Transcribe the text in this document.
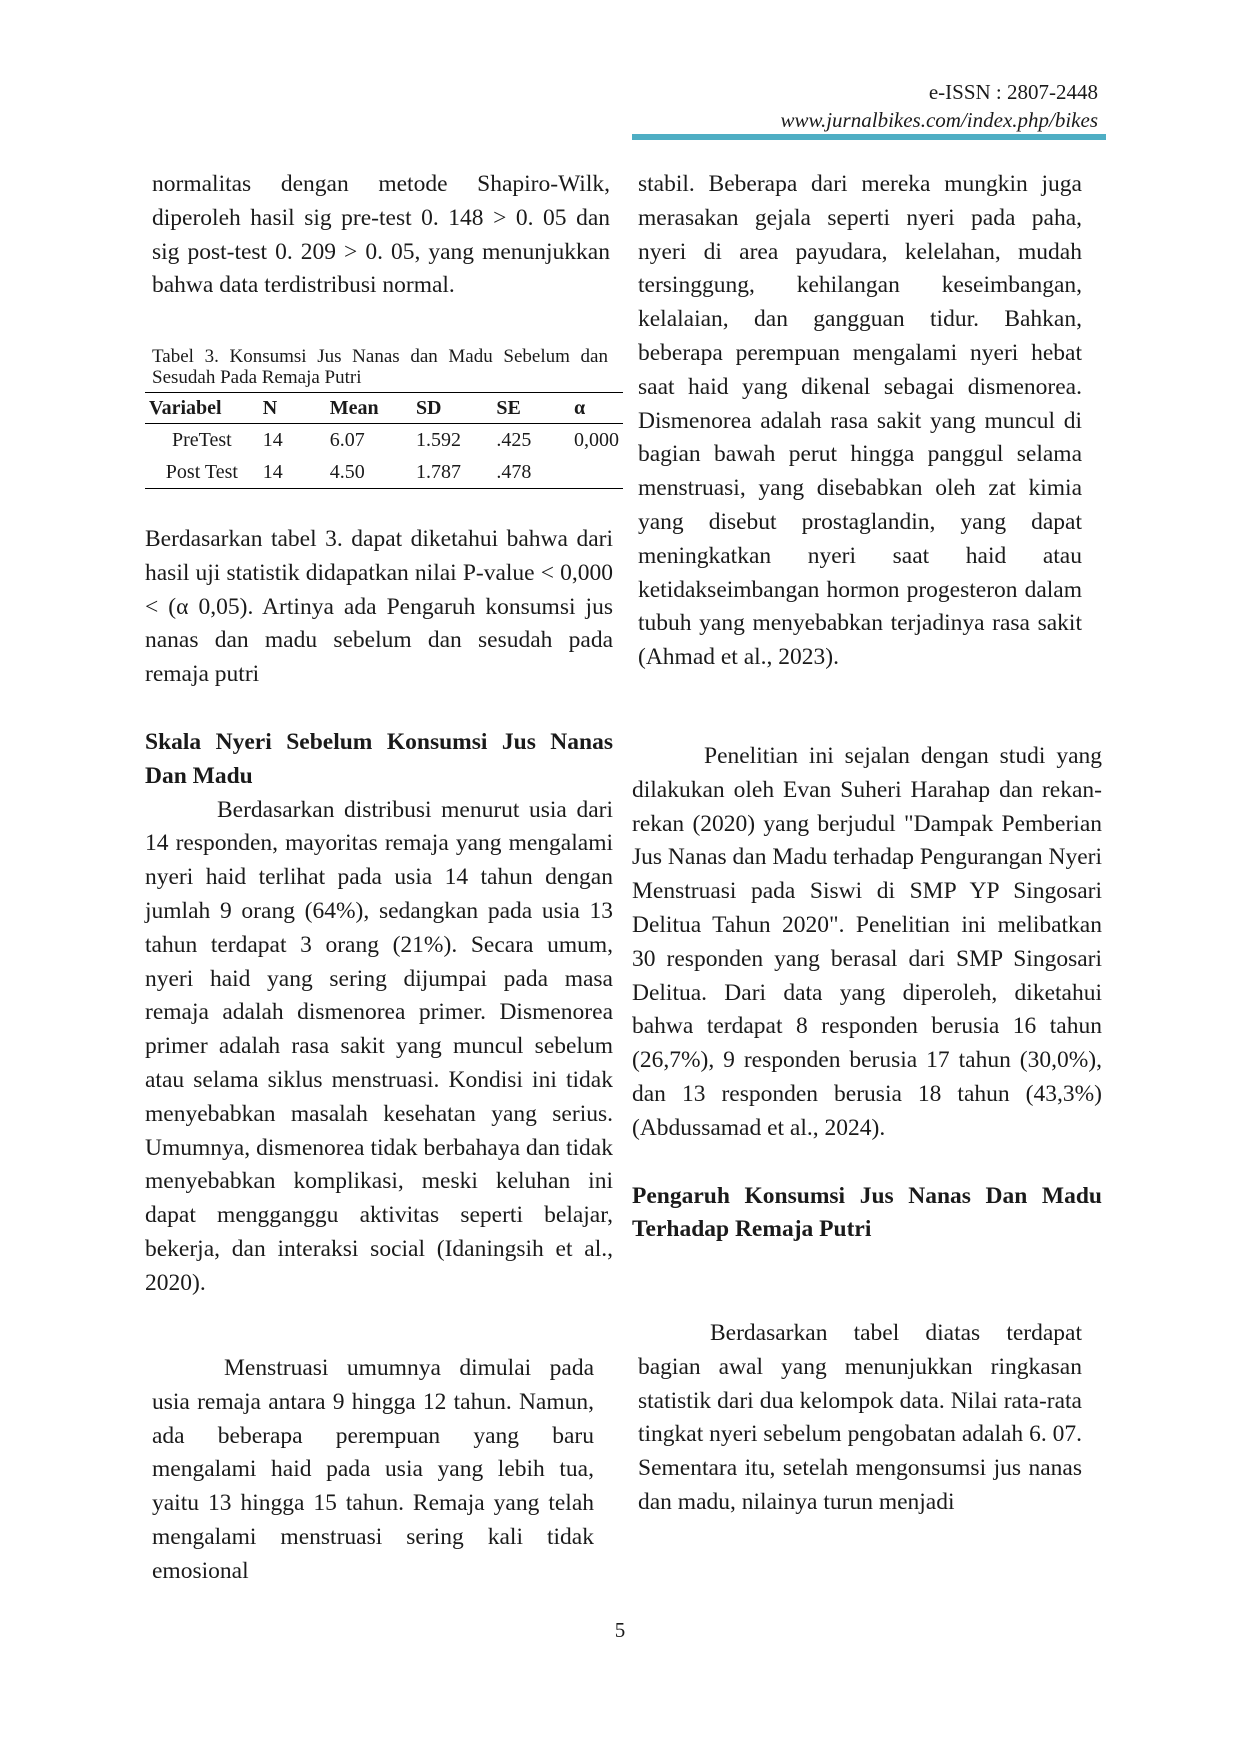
e-ISSN : 2807-2448
www.jurnalbikes.com/index.php/bikes

normalitas dengan metode Shapiro-Wilk, diperoleh hasil sig pre-test 0. 148 > 0. 05 dan sig post-test 0. 209 > 0. 05, yang menunjukkan bahwa data terdistribusi normal.

Tabel 3. Konsumsi Jus Nanas dan Madu Sebelum dan Sesudah Pada Remaja Putri
Variabel	N	Mean	SD	SE	α
PreTest	14	6.07	1.592	.425	0,000
Post Test	14	4.50	1.787	.478	

Berdasarkan tabel 3. dapat diketahui bahwa dari hasil uji statistik didapatkan nilai P-value < 0,000 < (α 0,05). Artinya ada Pengaruh konsumsi jus nanas dan madu sebelum dan sesudah pada remaja putri

Skala Nyeri Sebelum Konsumsi Jus Nanas Dan Madu

Berdasarkan distribusi menurut usia dari 14 responden, mayoritas remaja yang mengalami nyeri haid terlihat pada usia 14 tahun dengan jumlah 9 orang (64%), sedangkan pada usia 13 tahun terdapat 3 orang (21%). Secara umum, nyeri haid yang sering dijumpai pada masa remaja adalah dismenorea primer. Dismenorea primer adalah rasa sakit yang muncul sebelum atau selama siklus menstruasi. Kondisi ini tidak menyebabkan masalah kesehatan yang serius. Umumnya, dismenorea tidak berbahaya dan tidak menyebabkan komplikasi, meski keluhan ini dapat mengganggu aktivitas seperti belajar, bekerja, dan interaksi social (Idaningsih et al., 2020).

Menstruasi umumnya dimulai pada usia remaja antara 9 hingga 12 tahun. Namun, ada beberapa perempuan yang baru mengalami haid pada usia yang lebih tua, yaitu 13 hingga 15 tahun. Remaja yang telah mengalami menstruasi sering kali tidak emosional

stabil. Beberapa dari mereka mungkin juga merasakan gejala seperti nyeri pada paha, nyeri di area payudara, kelelahan, mudah tersinggung, kehilangan keseimbangan, kelalaian, dan gangguan tidur. Bahkan, beberapa perempuan mengalami nyeri hebat saat haid yang dikenal sebagai dismenorea. Dismenorea adalah rasa sakit yang muncul di bagian bawah perut hingga panggul selama menstruasi, yang disebabkan oleh zat kimia yang disebut prostaglandin, yang dapat meningkatkan nyeri saat haid atau ketidakseimbangan hormon progesteron dalam tubuh yang menyebabkan terjadinya rasa sakit (Ahmad et al., 2023).

Penelitian ini sejalan dengan studi yang dilakukan oleh Evan Suheri Harahap dan rekan-rekan (2020) yang berjudul "Dampak Pemberian Jus Nanas dan Madu terhadap Pengurangan Nyeri Menstruasi pada Siswi di SMP YP Singosari Delitua Tahun 2020". Penelitian ini melibatkan 30 responden yang berasal dari SMP Singosari Delitua. Dari data yang diperoleh, diketahui bahwa terdapat 8 responden berusia 16 tahun (26,7%), 9 responden berusia 17 tahun (30,0%), dan 13 responden berusia 18 tahun (43,3%) (Abdussamad et al., 2024).

Pengaruh Konsumsi Jus Nanas Dan Madu Terhadap Remaja Putri

Berdasarkan tabel diatas terdapat bagian awal yang menunjukkan ringkasan statistik dari dua kelompok data. Nilai rata-rata tingkat nyeri sebelum pengobatan adalah 6. 07. Sementara itu, setelah mengonsumsi jus nanas dan madu, nilainya turun menjadi

5
